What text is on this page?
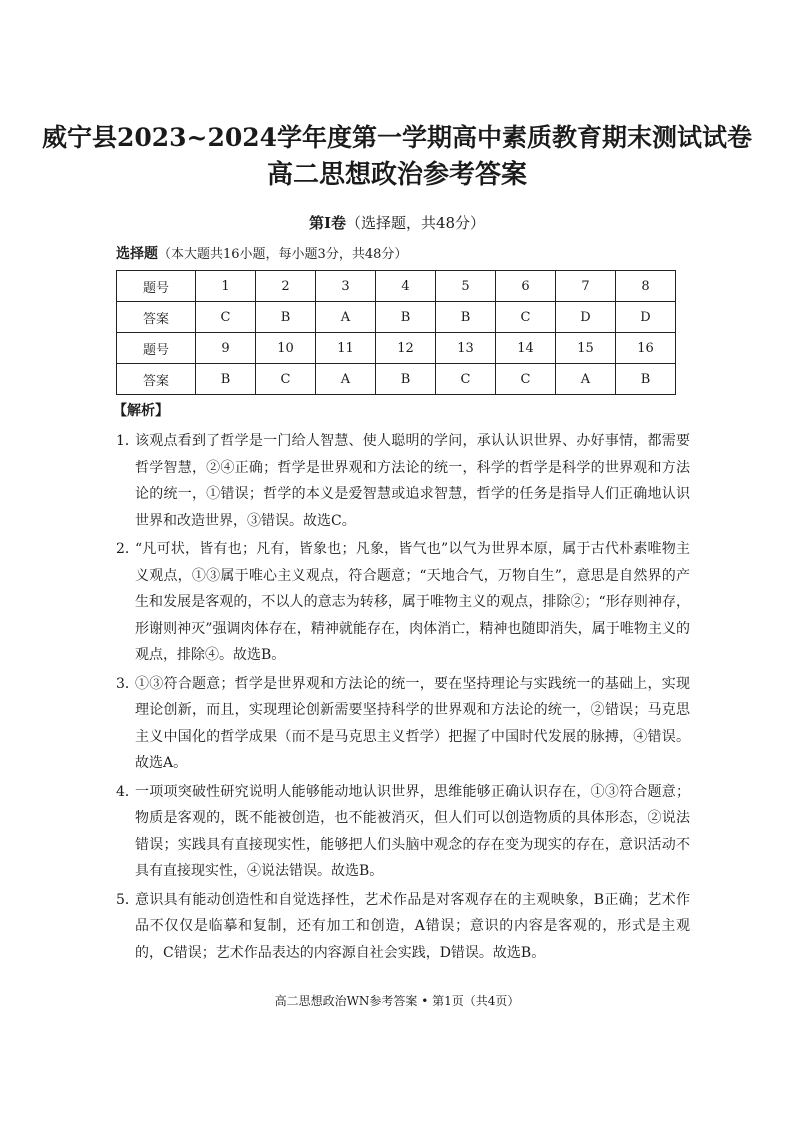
威宁县2023~2024学年度第一学期高中素质教育期末测试试卷
高二思想政治参考答案
第Ⅰ卷（选择题，共48分）
选择题（本大题共16小题，每小题3分，共48分）
题号	1	2	3	4	5	6	7	8
答案	C	B	A	B	B	C	D	D
题号	9	10	11	12	13	14	15	16
答案	B	C	A	B	C	C	A	B
【解析】
1．
该观点看到了哲学是一门给人智慧、使人聪明的学问，承认认识世界、办好事情，都需要哲学智慧，②④正确；哲学是世界观和方法论的统一，科学的哲学是科学的世界观和方法论的统一，①错误；哲学的本义是爱智慧或追求智慧，哲学的任务是指导人们正确地认识世界和改造世界，③错误。故选C。
2．
“凡可状，皆有也；凡有，皆象也；凡象，皆气也”以气为世界本原，属于古代朴素唯物主义观点，①③属于唯心主义观点，符合题意；“天地合气，万物自生”，意思是自然界的产生和发展是客观的，不以人的意志为转移，属于唯物主义的观点，排除②；“形存则神存，形谢则神灭”强调肉体存在，精神就能存在，肉体消亡，精神也随即消失，属于唯物主义的观点，排除④。故选B。
3．
①③符合题意；哲学是世界观和方法论的统一，要在坚持理论与实践统一的基础上，实现理论创新，而且，实现理论创新需要坚持科学的世界观和方法论的统一，②错误；马克思主义中国化的哲学成果（而不是马克思主义哲学）把握了中国时代发展的脉搏，④错误。故选A。
4．
一项项突破性研究说明人能够能动地认识世界，思维能够正确认识存在，①③符合题意；物质是客观的，既不能被创造，也不能被消灭，但人们可以创造物质的具体形态，②说法错误；实践具有直接现实性，能够把人们头脑中观念的存在变为现实的存在，意识活动不具有直接现实性，④说法错误。故选B。
5．
意识具有能动创造性和自觉选择性，艺术作品是对客观存在的主观映象，B正确；艺术作品不仅仅是临摹和复制，还有加工和创造，A错误；意识的内容是客观的，形式是主观的，C错误；艺术作品表达的内容源自社会实践，D错误。故选B。
高二思想政治WN参考答案 • 第1页（共4页）
